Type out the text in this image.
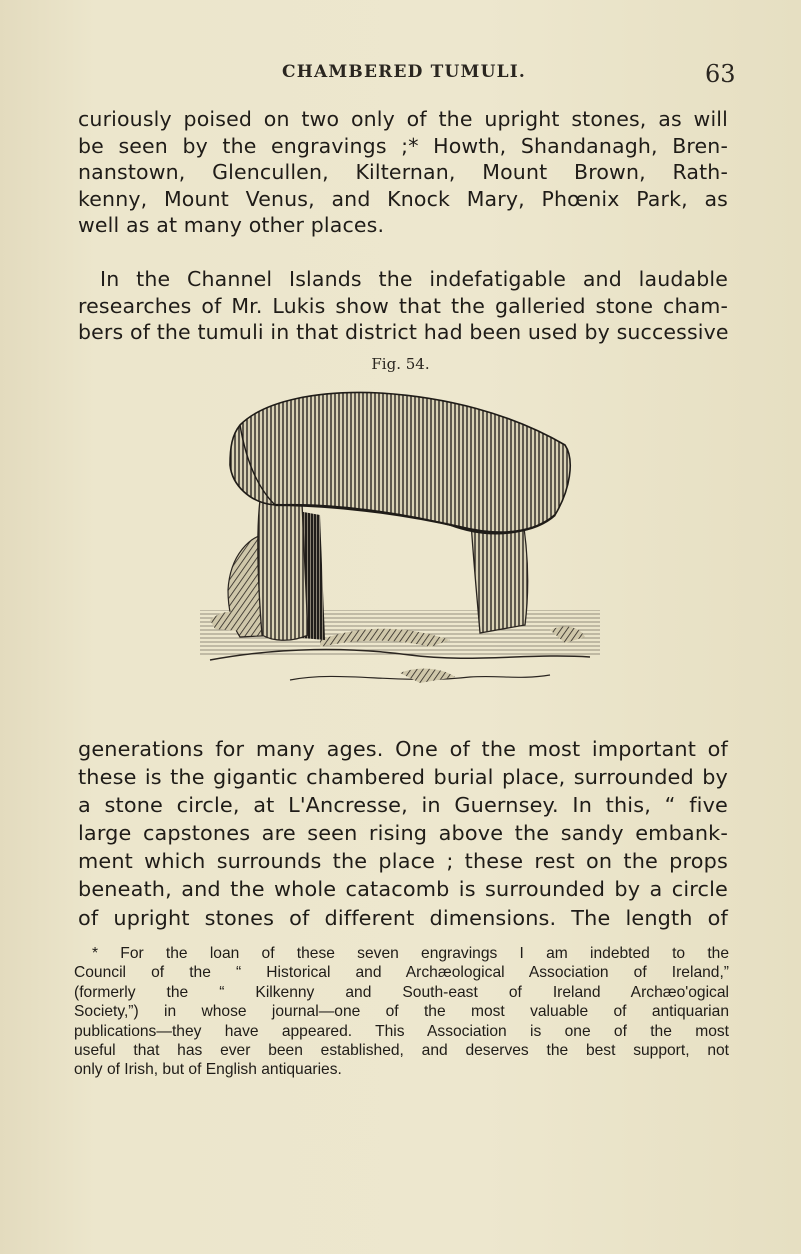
CHAMBERED TUMULI.	63
curiously poised on two only of the upright stones, as will
be seen by the engravings ;* Howth, Shandanagh, Bren-
nanstown, Glencullen, Kilternan, Mount Brown, Rath-
kenny, Mount Venus, and Knock Mary, Phœnix Park, as
well as at many other places.
In the Channel Islands the indefatigable and laudable
researches of Mr. Lukis show that the galleried stone cham-
bers of the tumuli in that district had been used by successive
Fig. 54.
generations for many ages. One of the most important of
these is the gigantic chambered burial place, surrounded by
a stone circle, at L'Ancresse, in Guernsey. In this, “ five
large capstones are seen rising above the sandy embank-
ment which surrounds the place ; these rest on the props
beneath, and the whole catacomb is surrounded by a circle
of upright stones of different dimensions. The length of
* For the loan of these seven engravings I am indebted to the
Council of the “ Historical and Archæological Association of Ireland,”
(formerly the “ Kilkenny and South-east of Ireland Archæo'ogical
Society,”) in whose journal—one of the most valuable of antiquarian
publications—they have appeared. This Association is one of the most
useful that has ever been established, and deserves the best support, not
only of Irish, but of English antiquaries.
